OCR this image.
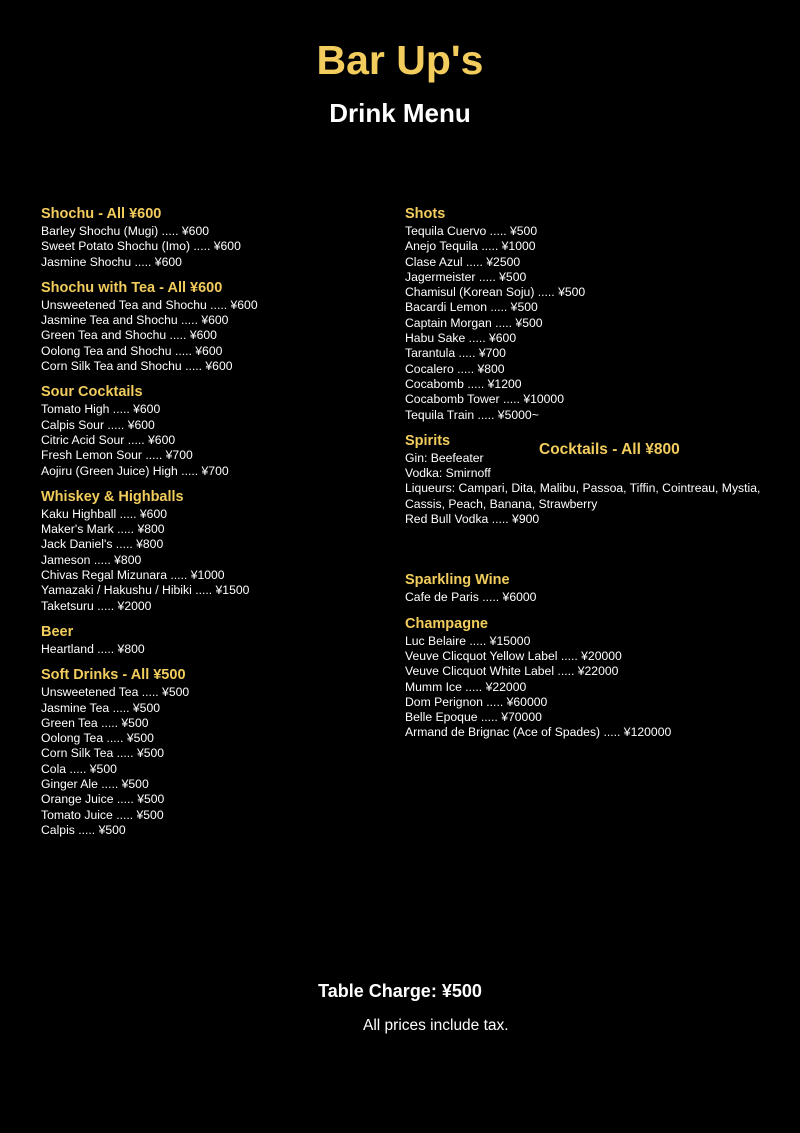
Bar Up's
Drink Menu
Shochu - All ¥600
Barley Shochu (Mugi) ..... ¥600
Sweet Potato Shochu (Imo) ..... ¥600
Jasmine Shochu ..... ¥600
Shochu with Tea - All ¥600
Unsweetened Tea and Shochu ..... ¥600
Jasmine Tea and Shochu ..... ¥600
Green Tea and Shochu ..... ¥600
Oolong Tea and Shochu ..... ¥600
Corn Silk Tea and Shochu ..... ¥600
Sour Cocktails
Tomato High ..... ¥600
Calpis Sour ..... ¥600
Citric Acid Sour ..... ¥600
Fresh Lemon Sour ..... ¥700
Aojiru (Green Juice) High ..... ¥700
Whiskey & Highballs
Kaku Highball ..... ¥600
Maker's Mark ..... ¥800
Jack Daniel's ..... ¥800
Jameson ..... ¥800
Chivas Regal Mizunara ..... ¥1000
Yamazaki / Hakushu / Hibiki ..... ¥1500
Taketsuru ..... ¥2000
Beer
Heartland ..... ¥800
Soft Drinks - All ¥500
Unsweetened Tea ..... ¥500
Jasmine Tea ..... ¥500
Green Tea ..... ¥500
Oolong Tea ..... ¥500
Corn Silk Tea ..... ¥500
Cola ..... ¥500
Ginger Ale ..... ¥500
Orange Juice ..... ¥500
Tomato Juice ..... ¥500
Calpis ..... ¥500
Shots
Tequila Cuervo ..... ¥500
Anejo Tequila ..... ¥1000
Clase Azul ..... ¥2500
Jagermeister ..... ¥500
Chamisul (Korean Soju) ..... ¥500
Bacardi Lemon ..... ¥500
Captain Morgan ..... ¥500
Habu Sake ..... ¥600
Tarantula ..... ¥700
Cocalero ..... ¥800
Cocabomb ..... ¥1200
Cocabomb Tower ..... ¥10000
Tequila Train ..... ¥5000~
Spirits
Gin: Beefeater
Vodka: Smirnoff
Liqueurs: Campari, Dita, Malibu, Passoa, Tiffin, Cointreau, Mystia, Cassis, Peach, Banana, Strawberry
Red Bull Vodka ..... ¥900
Sparkling Wine
Cafe de Paris ..... ¥6000
Champagne
Luc Belaire ..... ¥15000
Veuve Clicquot Yellow Label ..... ¥20000
Veuve Clicquot White Label ..... ¥22000
Mumm Ice ..... ¥22000
Dom Perignon ..... ¥60000
Belle Epoque ..... ¥70000
Armand de Brignac (Ace of Spades) ..... ¥120000
Cocktails - All ¥800
Table Charge: ¥500
All prices include tax.
